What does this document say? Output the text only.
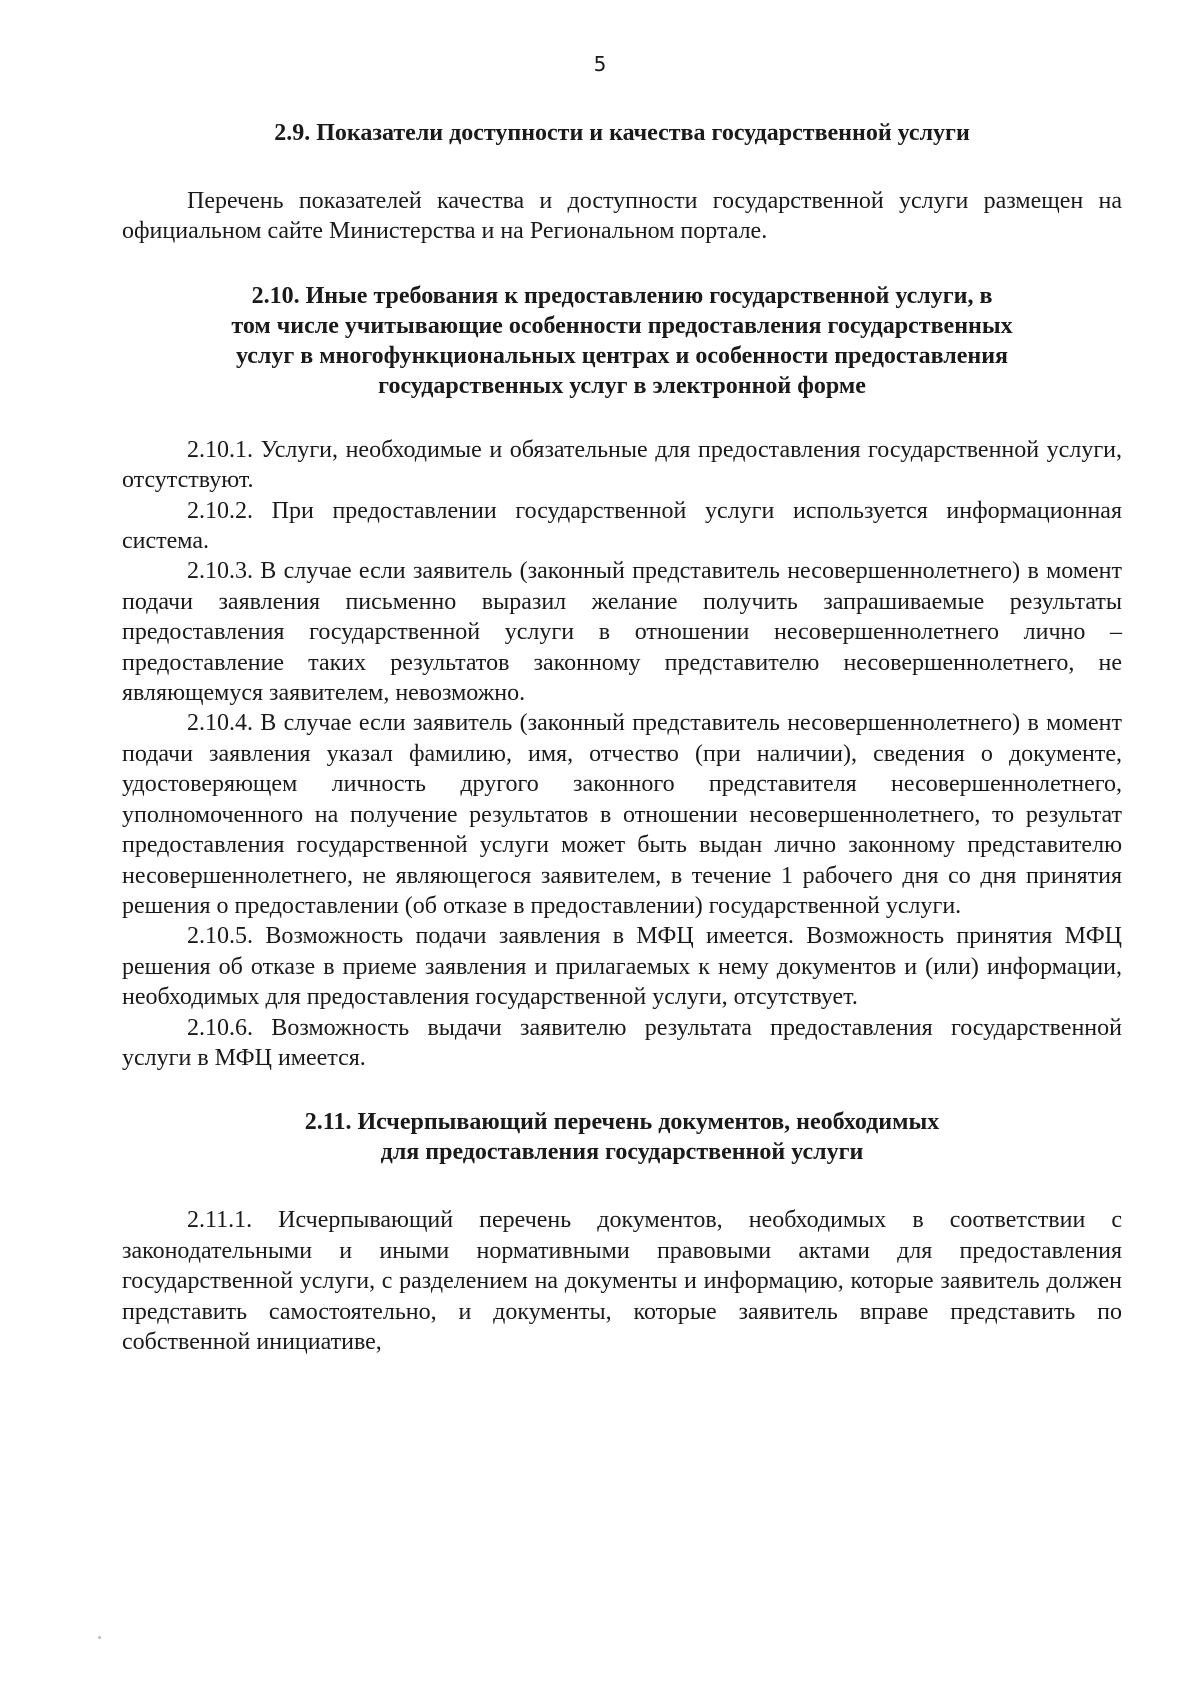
5
2.9. Показатели доступности и качества государственной услуги

Перечень показателей качества и доступности государственной услуги размещен на официальном сайте Министерства и на Региональном портале.

2.10. Иные требования к предоставлению государственной услуги, в
том числе учитывающие особенности предоставления государственных
услуг в многофункциональных центрах и особенности предоставления
государственных услуг в электронной форме

2.10.1. Услуги, необходимые и обязательные для предоставления государственной услуги, отсутствуют.

2.10.2. При предоставлении государственной услуги используется информационная система.

2.10.3. В случае если заявитель (законный представитель несовершеннолетнего) в момент подачи заявления письменно выразил желание получить запрашиваемые результаты предоставления государственной услуги в отношении несовершеннолетнего лично – предоставление таких результатов законному представителю несовершеннолетнего, не являющемуся заявителем, невозможно.

2.10.4. В случае если заявитель (законный представитель несовершеннолетнего) в момент подачи заявления указал фамилию, имя, отчество (при наличии), сведения о документе, удостоверяющем личность другого законного представителя несовершеннолетнего, уполномоченного на получение результатов в отношении несовершеннолетнего, то результат предоставления государственной услуги может быть выдан лично законному представителю несовершеннолетнего, не являющегося заявителем, в течение 1 рабочего дня со дня принятия решения о предоставлении (об отказе в предоставлении) государственной услуги.

2.10.5. Возможность подачи заявления в МФЦ имеется. Возможность принятия МФЦ решения об отказе в приеме заявления и прилагаемых к нему документов и (или) информации, необходимых для предоставления государственной услуги, отсутствует.

2.10.6. Возможность выдачи заявителю результата предоставления государственной услуги в МФЦ имеется.

2.11. Исчерпывающий перечень документов, необходимых
для предоставления государственной услуги

2.11.1. Исчерпывающий перечень документов, необходимых в соответствии с законодательными и иными нормативными правовыми актами для предоставления государственной услуги, с разделением на документы и информацию, которые заявитель должен представить самостоятельно, и документы, которые заявитель вправе представить по собственной инициативе,
